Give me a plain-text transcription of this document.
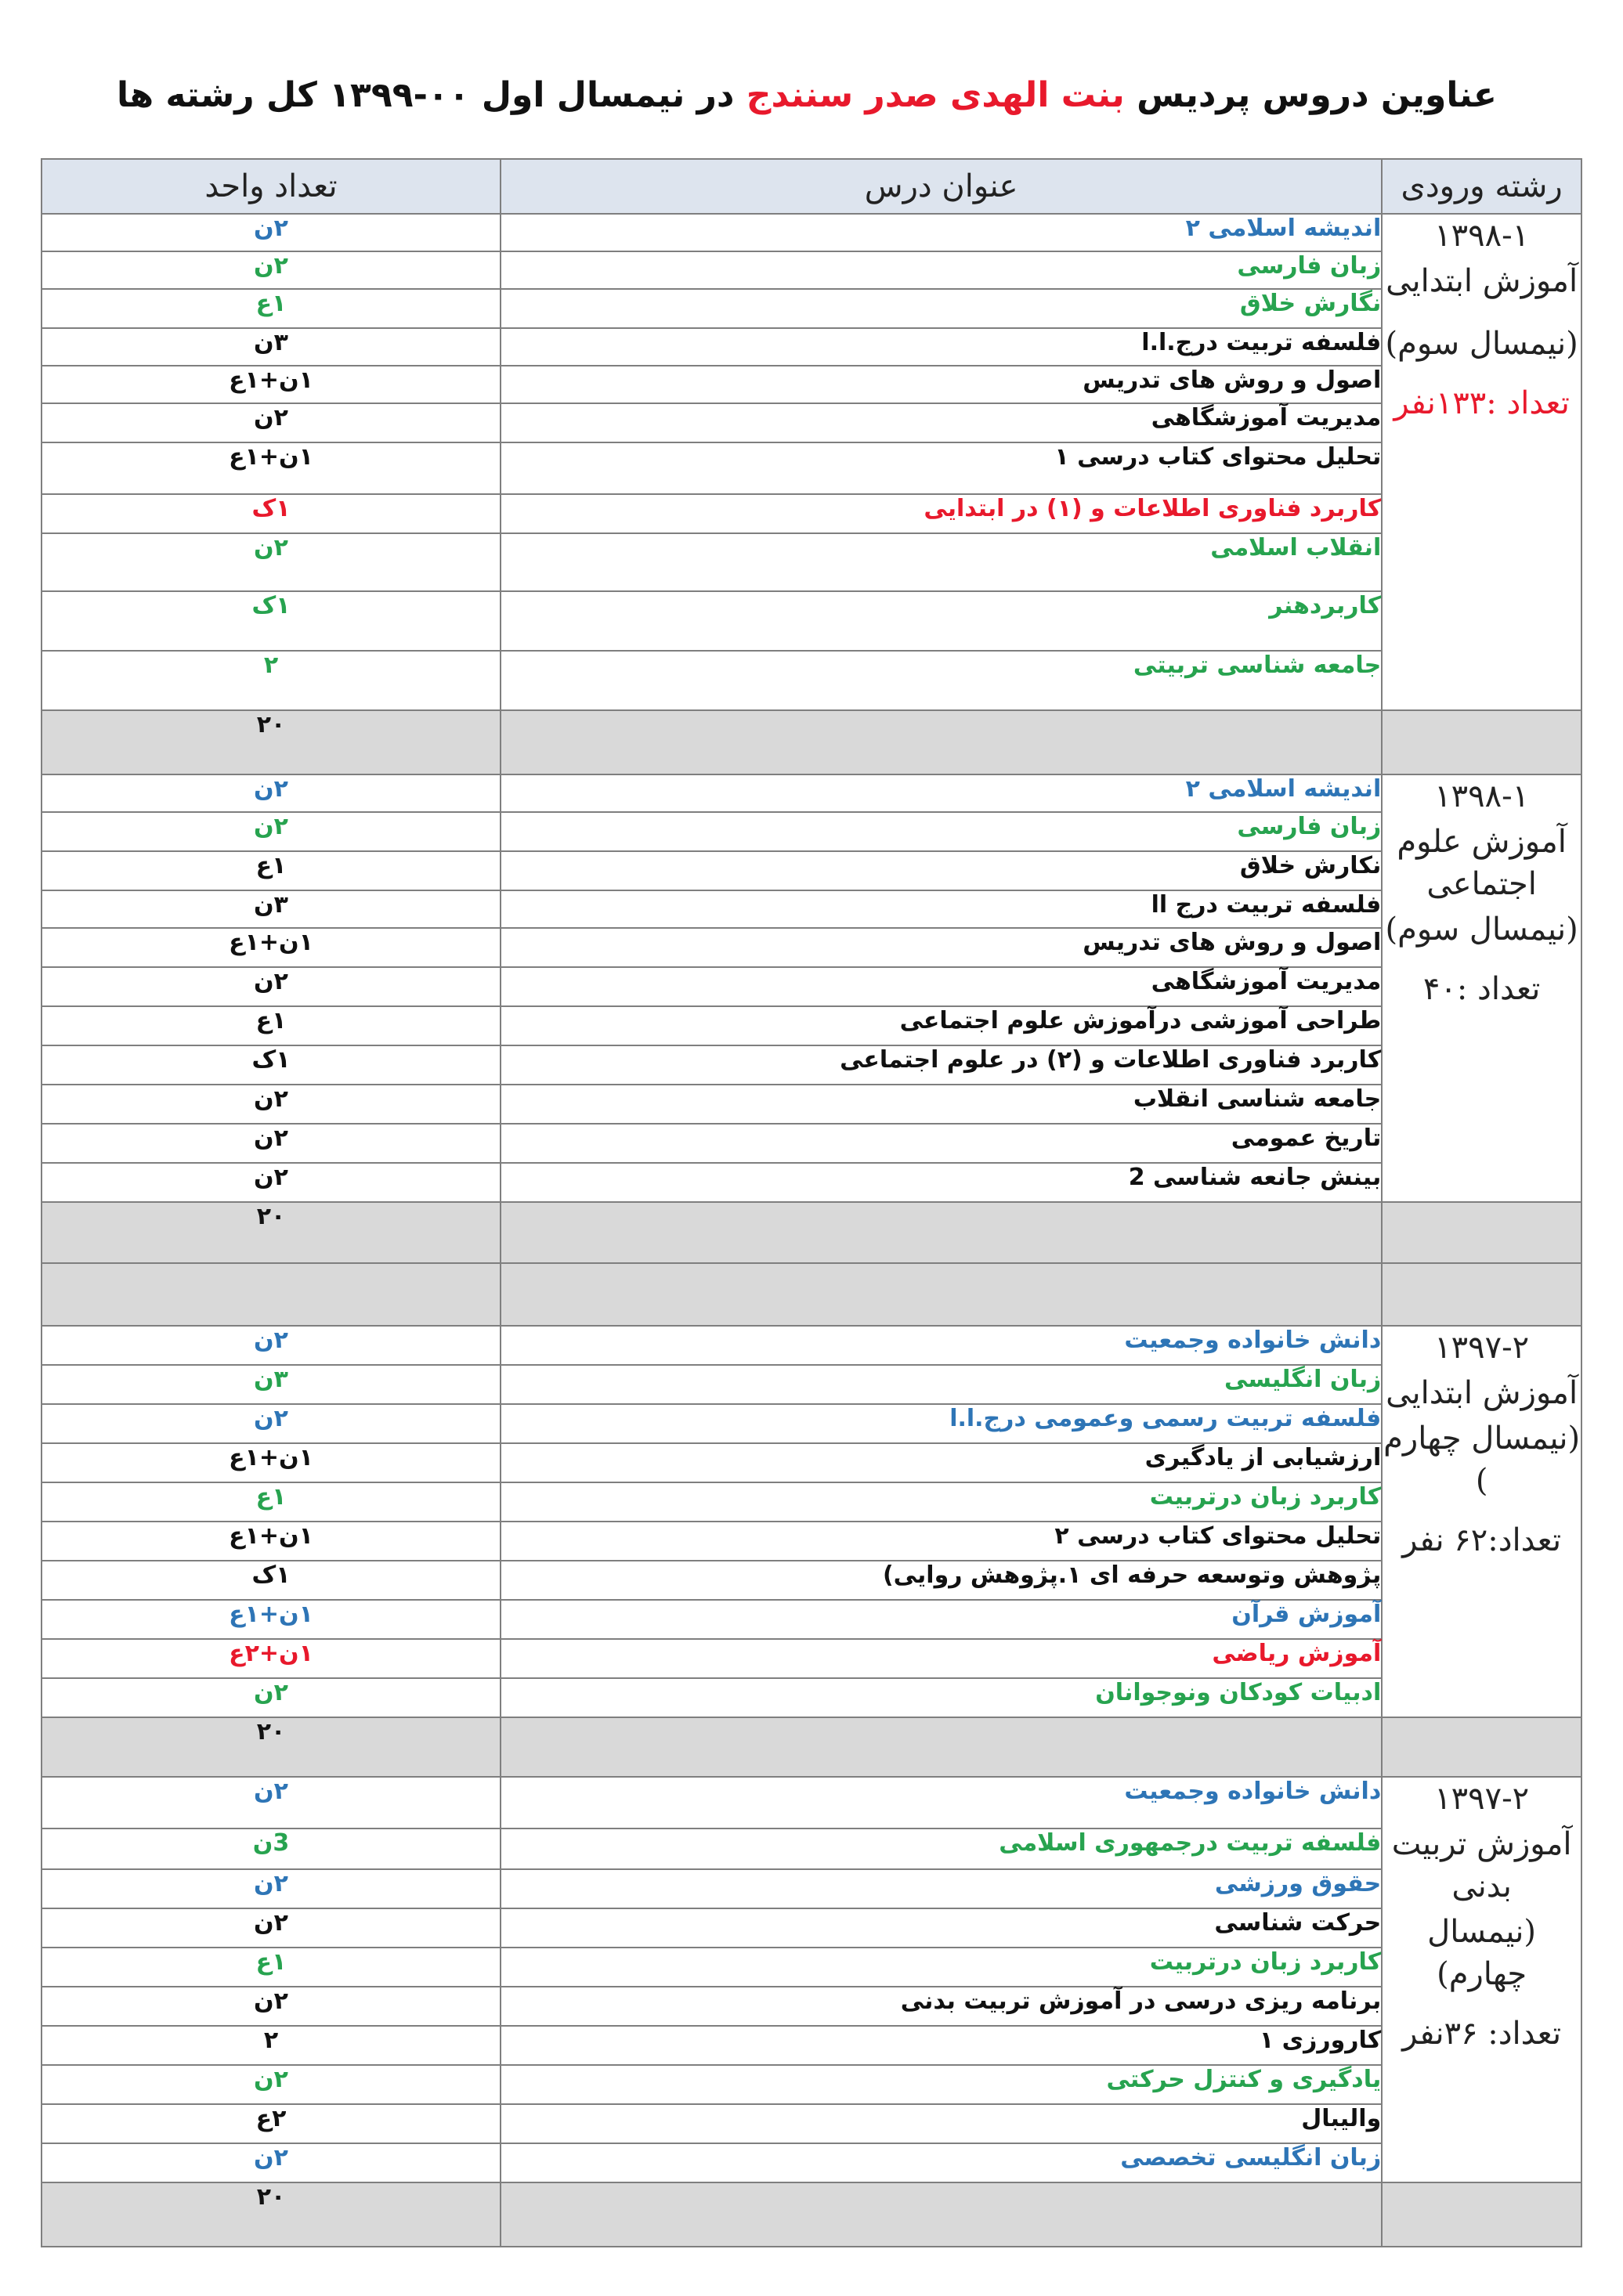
عناوین دروس پردیس بنت الهدی صدر سنندج در نیمسال اول ۰۰-۱۳۹۹ کل رشته ها
رشته ورودی	عنوان درس	تعداد واحد

۱۳۹۸-۱
آموزش ابتدایی
(نیمسال سوم)
تعداد :۱۳۳نفر	اندیشه اسلامی ۲	۲ن
	زبان فارسی	۲ن
	نگارش خلاق	۱ع
	فلسفه تربیت درج.ا.ا	۳ن
	اصول و روش های تدریس	۱ن+۱ع
	مدیریت آموزشگاهی	۲ن
	تحلیل محتوای کتاب درسی ۱	۱ن+۱ع
	کاربرد فناوری اطلاعات و (۱) در ابتدایی	۱ک
	انقلاب اسلامی	۲ن
	کاربردهنر	۱ک
	جامعه شناسی تربیتی	۲
		۲۰

۱۳۹۸-۱
آموزش علوم اجتماعی
(نیمسال سوم)
تعداد :۴۰	اندیشه اسلامی ۲	۲ن
	زبان فارسی	۲ن
	نکارش خلاق	۱ع
	فلسفه تربیت درج اا	۳ن
	اصول و روش های تدریس	۱ن+۱ع
	مدیریت آموزشگاهی	۲ن
	طراحی آموزشی درآموزش علوم اجتماعی	۱ع
	کاربرد فناوری اطلاعات و (۲) در علوم اجتماعی	۱ک
	جامعه شناسی انقلاب	۲ن
	تاریخ عمومی	۲ن
	بینش جانعه شناسی 2	۲ن
		۲۰

۱۳۹۷-۲
آموزش ابتدایی
(نیمسال چهارم )
تعداد:۶۲ نفر	دانش خانواده وجمعیت	۲ن
	زبان انگلیسی	۳ن
	فلسفه تربیت رسمی وعمومی درج.ا.ا	۲ن
	ارزشیابی از یادگیری	۱ن+۱ع
	کاربرد زبان درتربیت	۱ع
	تحلیل محتوای کتاب درسی ۲	۱ن+۱ع
	پژوهش وتوسعه حرفه ای ۱.پژوهش روایی)	۱ک
	آموزش قرآن	۱ن+۱ع
	آموزش ریاضی	۱ن+۲ع
	ادبیات کودکان ونوجوانان	۲ن
		۲۰

۱۳۹۷-۲
آموزش تربیت بدنی
(نیمسال چهارم)
تعداد: ۳۶نفر	دانش خانواده وجمعیت	۲ن
	فلسفه تربیت درجمهوری اسلامی	3ن
	حقوق ورزشی	۲ن
	حرکت شناسی	۲ن
	کاربرد زبان درتربیت	۱ع
	برنامه ریزی درسی در آموزش تربیت بدنی	۲ن
	کارورزی ۱	۲
	یادگیری و کنتزل حرکتی	۲ن
	والیبال	۲ع
	زبان انگلیسی تخصصی	۲ن
		۲۰
